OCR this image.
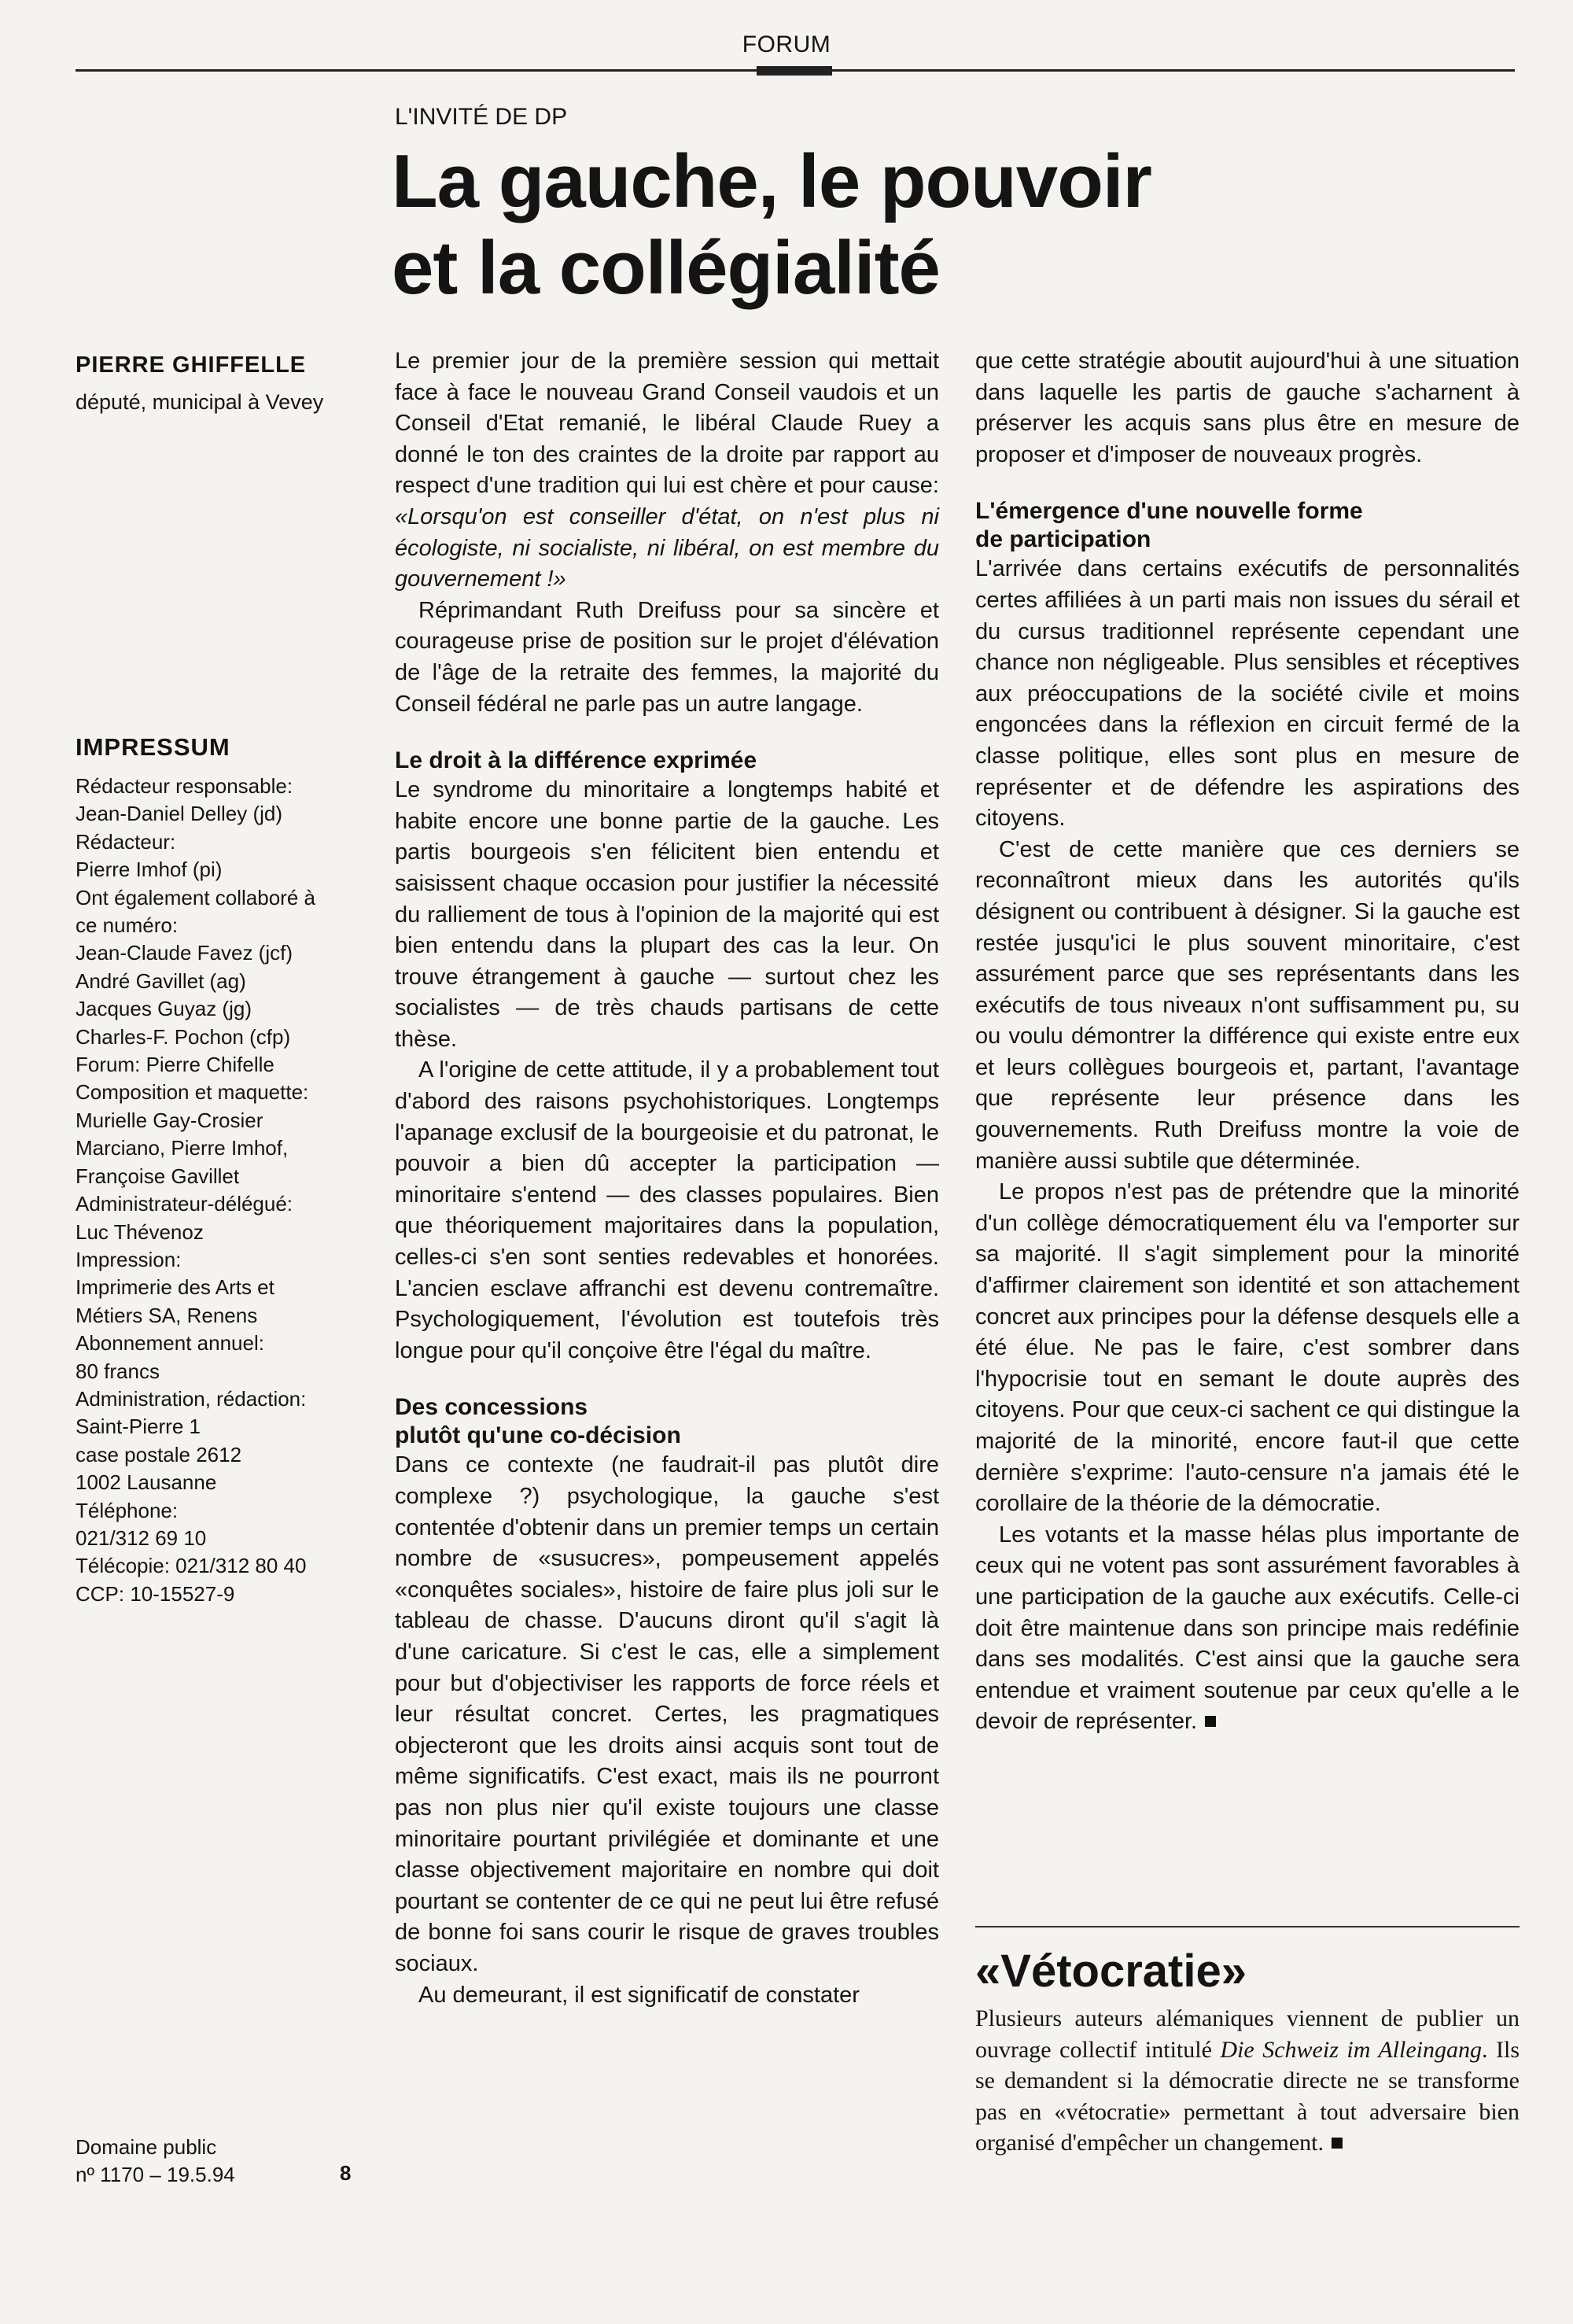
FORUM
L'INVITÉ DE DP
La gauche, le pouvoir
et la collégialité
PIERRE GHIFFELLE
député, municipal à Vevey
IMPRESSUM
Rédacteur responsable:
Jean-Daniel Delley (jd)
Rédacteur:
Pierre Imhof (pi)
Ont également collaboré à
ce numéro:
Jean-Claude Favez (jcf)
André Gavillet (ag)
Jacques Guyaz (jg)
Charles-F. Pochon (cfp)
Forum: Pierre Chifelle
Composition et maquette:
Murielle Gay-Crosier
Marciano, Pierre Imhof,
Françoise Gavillet
Administrateur-délégué:
Luc Thévenoz
Impression:
Imprimerie des Arts et
Métiers SA, Renens
Abonnement annuel:
80 francs
Administration, rédaction:
Saint-Pierre 1
case postale 2612
1002 Lausanne
Téléphone:
021/312 69 10
Télécopie: 021/312 80 40
CCP: 10-15527-9
Domaine public
nº 1170 – 19.5.94	8

Le premier jour de la première session qui mettait face à face le nouveau Grand Conseil vaudois et un Conseil d'Etat remanié, le libéral Claude Ruey a donné le ton des craintes de la droite par rapport au respect d'une tradition qui lui est chère et pour cause: «Lorsqu'on est conseiller d'état, on n'est plus ni écologiste, ni socialiste, ni libéral, on est membre du gouvernement !»

Réprimandant Ruth Dreifuss pour sa sincère et courageuse prise de position sur le projet d'élévation de l'âge de la retraite des femmes, la majorité du Conseil fédéral ne parle pas un autre langage.

Le droit à la différence exprimée

Le syndrome du minoritaire a longtemps habité et habite encore une bonne partie de la gauche. Les partis bourgeois s'en félicitent bien entendu et saisissent chaque occasion pour justifier la nécessité du ralliement de tous à l'opinion de la majorité qui est bien entendu dans la plupart des cas la leur. On trouve étrangement à gauche — surtout chez les socialistes — de très chauds partisans de cette thèse.

A l'origine de cette attitude, il y a probablement tout d'abord des raisons psychohistoriques. Longtemps l'apanage exclusif de la bourgeoisie et du patronat, le pouvoir a bien dû accepter la participation — minoritaire s'entend — des classes populaires. Bien que théoriquement majoritaires dans la population, celles-ci s'en sont senties redevables et honorées. L'ancien esclave affranchi est devenu contremaître. Psychologiquement, l'évolution est toutefois très longue pour qu'il conçoive être l'égal du maître.

Des concessions
plutôt qu'une co-décision

Dans ce contexte (ne faudrait-il pas plutôt dire complexe ?) psychologique, la gauche s'est contentée d'obtenir dans un premier temps un certain nombre de «susucres», pompeusement appelés «conquêtes sociales», histoire de faire plus joli sur le tableau de chasse. D'aucuns diront qu'il s'agit là d'une caricature. Si c'est le cas, elle a simplement pour but d'objectiviser les rapports de force réels et leur résultat concret. Certes, les pragmatiques objecteront que les droits ainsi acquis sont tout de même significatifs. C'est exact, mais ils ne pourront pas non plus nier qu'il existe toujours une classe minoritaire pourtant privilégiée et dominante et une classe objectivement majoritaire en nombre qui doit pourtant se contenter de ce qui ne peut lui être refusé de bonne foi sans courir le risque de graves troubles sociaux.

Au demeurant, il est significatif de constater

que cette stratégie aboutit aujourd'hui à une situation dans laquelle les partis de gauche s'acharnent à préserver les acquis sans plus être en mesure de proposer et d'imposer de nouveaux progrès.

L'émergence d'une nouvelle forme
de participation

L'arrivée dans certains exécutifs de personnalités certes affiliées à un parti mais non issues du sérail et du cursus traditionnel représente cependant une chance non négligeable. Plus sensibles et réceptives aux préoccupations de la société civile et moins engoncées dans la réflexion en circuit fermé de la classe politique, elles sont plus en mesure de représenter et de défendre les aspirations des citoyens.

C'est de cette manière que ces derniers se reconnaîtront mieux dans les autorités qu'ils désignent ou contribuent à désigner. Si la gauche est restée jusqu'ici le plus souvent minoritaire, c'est assurément parce que ses représentants dans les exécutifs de tous niveaux n'ont suffisamment pu, su ou voulu démontrer la différence qui existe entre eux et leurs collègues bourgeois et, partant, l'avantage que représente leur présence dans les gouvernements. Ruth Dreifuss montre la voie de manière aussi subtile que déterminée.

Le propos n'est pas de prétendre que la minorité d'un collège démocratiquement élu va l'emporter sur sa majorité. Il s'agit simplement pour la minorité d'affirmer clairement son identité et son attachement concret aux principes pour la défense desquels elle a été élue. Ne pas le faire, c'est sombrer dans l'hypocrisie tout en semant le doute auprès des citoyens. Pour que ceux-ci sachent ce qui distingue la majorité de la minorité, encore faut-il que cette dernière s'exprime: l'auto-censure n'a jamais été le corollaire de la théorie de la démocratie.

Les votants et la masse hélas plus importante de ceux qui ne votent pas sont assurément favorables à une participation de la gauche aux exécutifs. Celle-ci doit être maintenue dans son principe mais redéfinie dans ses modalités. C'est ainsi que la gauche sera entendue et vraiment soutenue par ceux qu'elle a le devoir de représenter.

«Vétocratie»
Plusieurs auteurs alémaniques viennent de publier un ouvrage collectif intitulé Die Schweiz im Alleingang. Ils se demandent si la démocratie directe ne se transforme pas en «vétocratie» permettant à tout adversaire bien organisé d'empêcher un changement.
